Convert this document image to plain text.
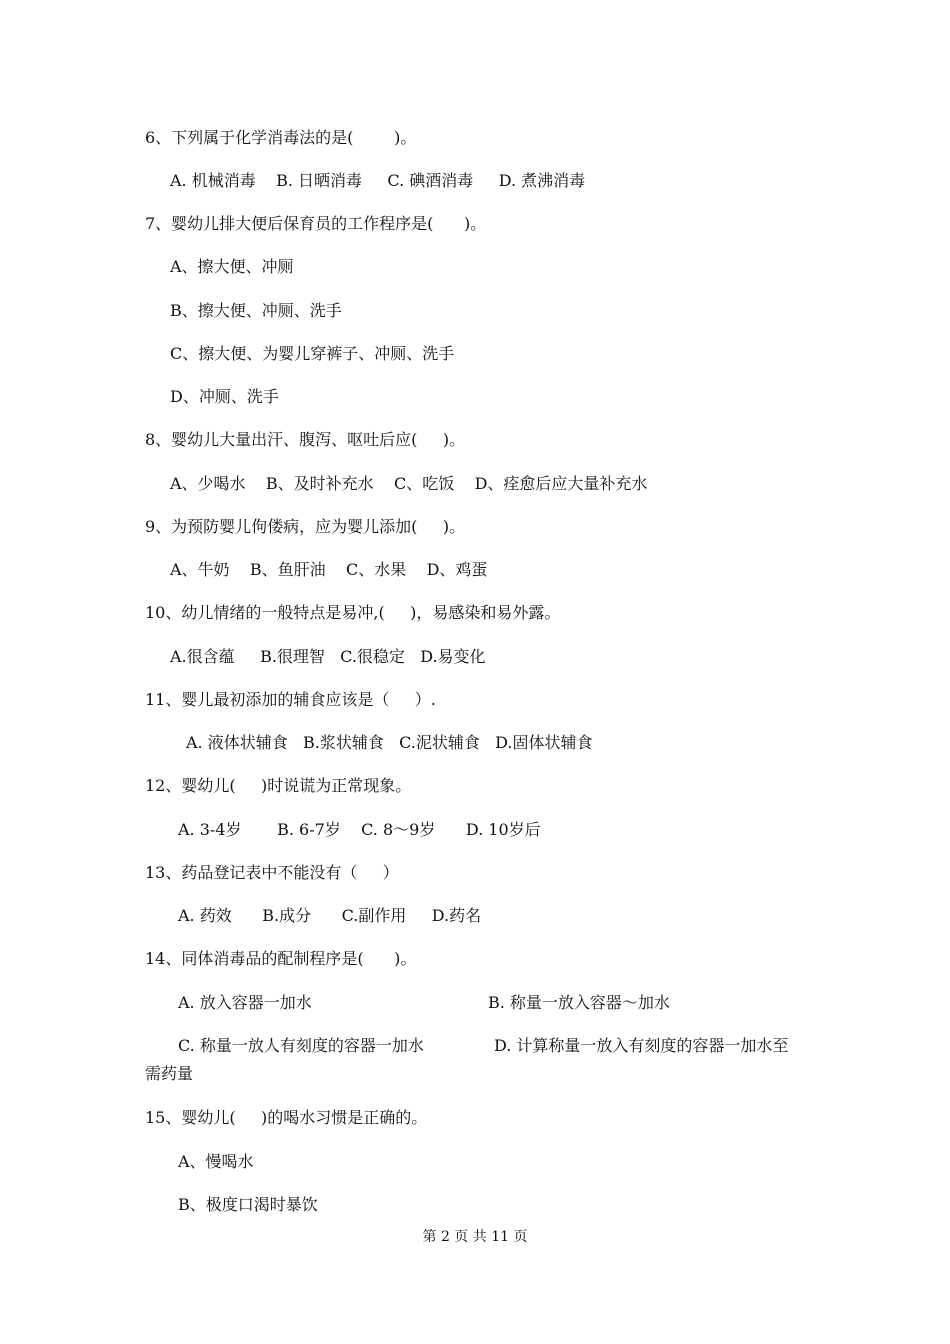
6、下列属于化学消毒法的是(        )。
A. 机械消毒    B. 日晒消毒     C. 碘酒消毒     D. 煮沸消毒
7、婴幼儿排大便后保育员的工作程序是(      )。
A、擦大便、冲厕
B、擦大便、冲厕、洗手
C、擦大便、为婴儿穿裤子、冲厕、洗手
D、冲厕、洗手
8、婴幼儿大量出汗、腹泻、呕吐后应(     )。
A、少喝水    B、及时补充水    C、吃饭    D、痊愈后应大量补充水
9、为预防婴儿佝偻病，应为婴儿添加(     )。
A、牛奶    B、鱼肝油    C、水果    D、鸡蛋
10、幼儿情绪的一般特点是易冲,(     )，易感染和易外露。
A.很含蕴     B.很理智   C.很稳定   D.易变化
11、婴儿最初添加的辅食应该是（     ）.
A. 液体状辅食   B.浆状辅食   C.泥状辅食   D.固体状辅食
12、婴幼儿(     )时说谎为正常现象。
A. 3-4岁       B. 6-7岁    C. 8～9岁      D. 10岁后
13、药品登记表中不能没有（     ）
A. 药效      B.成分      C.副作用     D.药名
14、同体消毒品的配制程序是(      )。
A. 放入容器一加水	B. 称量一放入容器～加水
C. 称量一放人有刻度的容器一加水	D. 计算称量一放入有刻度的容器一加水至
需药量
15、婴幼儿(     )的喝水习惯是正确的。
A、慢喝水
B、极度口渴时暴饮
第 2 页 共 11 页
